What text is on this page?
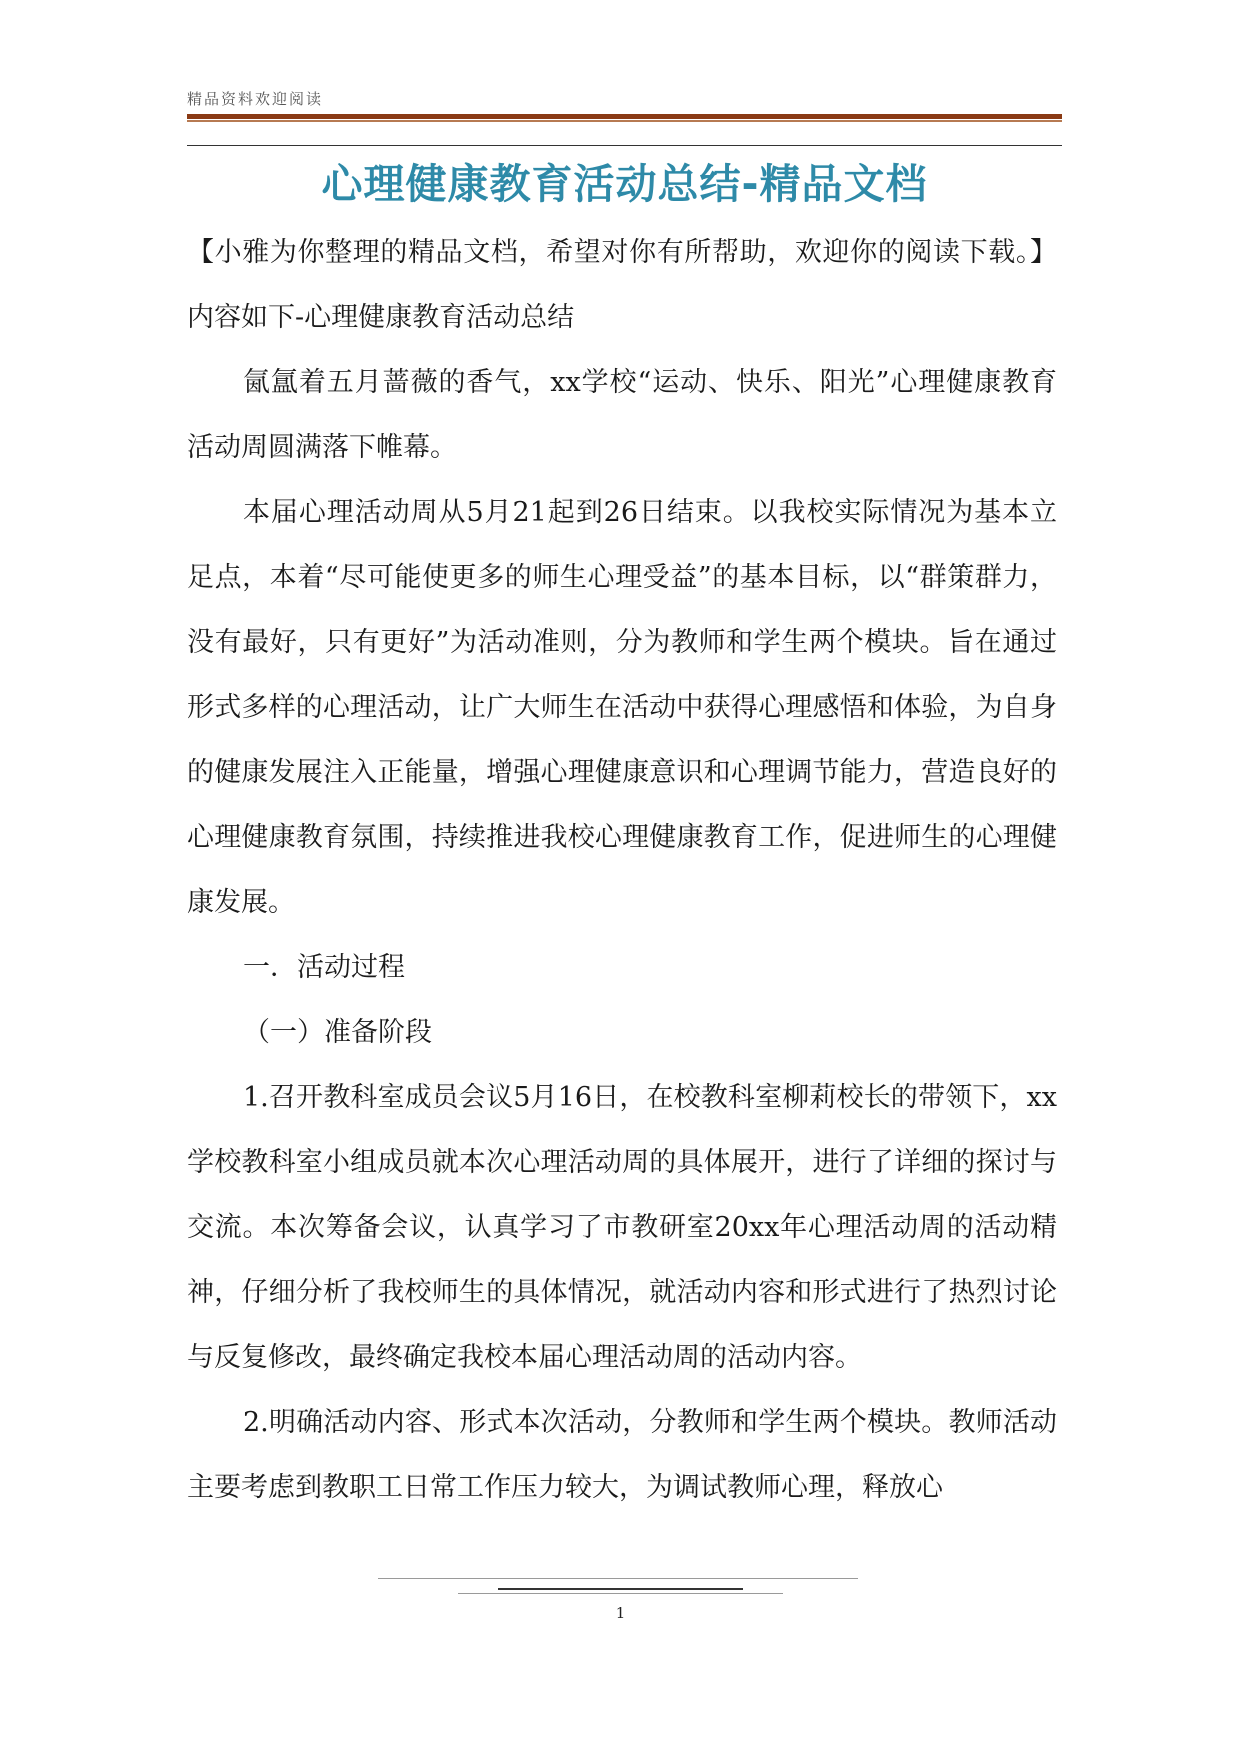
精品资料欢迎阅读
心理健康教育活动总结-精品文档

【小雅为你整理的精品文档，希望对你有所帮助，欢迎你的阅读下载。】内容如下-心理健康教育活动总结

氤氲着五月蔷薇的香气，xx学校“运动、快乐、阳光”心理健康教育活动周圆满落下帷幕。

本届心理活动周从5月21起到26日结束。以我校实际情况为基本立足点，本着“尽可能使更多的师生心理受益”的基本目标，以“群策群力，没有最好，只有更好”为活动准则，分为教师和学生两个模块。旨在通过形式多样的心理活动，让广大师生在活动中获得心理感悟和体验，为自身的健康发展注入正能量，增强心理健康意识和心理调节能力，营造良好的心理健康教育氛围，持续推进我校心理健康教育工作，促进师生的心理健康发展。

一．活动过程

（一）准备阶段

1.召开教科室成员会议5月16日，在校教科室柳莉校长的带领下，xx学校教科室小组成员就本次心理活动周的具体展开，进行了详细的探讨与交流。本次筹备会议，认真学习了市教研室20xx年心理活动周的活动精神，仔细分析了我校师生的具体情况，就活动内容和形式进行了热烈讨论与反复修改，最终确定我校本届心理活动周的活动内容。

2.明确活动内容、形式本次活动，分教师和学生两个模块。教师活动主要考虑到教职工日常工作压力较大，为调试教师心理，释放心

1
